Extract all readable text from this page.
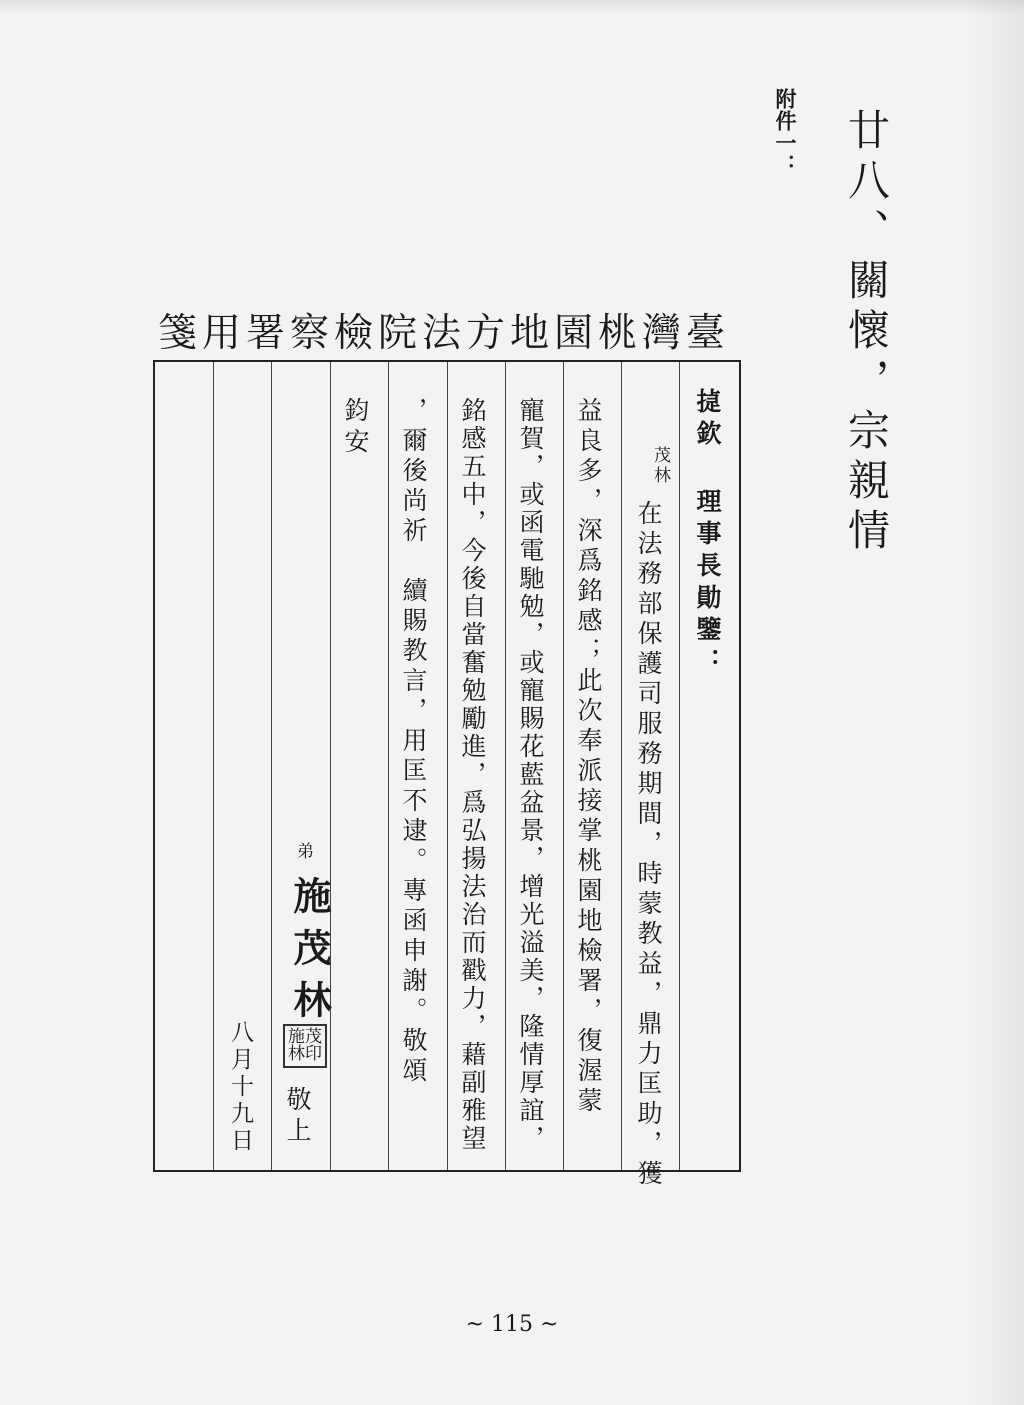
附件一： 廿八、關懷，宗親情
臺灣桃園地方法院檢察署用箋
㨗欽 理事長勛鑒：
茂林
在法務部保護司服務期間，時蒙教益，鼎力匡助，獲
益良多，深爲銘感；此次奉派接掌桃園地檢署，復渥蒙
寵賀，或函電馳勉，或寵賜花藍盆景，增光溢美，隆情厚誼，
銘感五中，今後自當奮勉勵進，爲弘揚法治而戳力，藉副雅望
，爾後尚祈　續賜教言，用匡不逮。專函申謝。敬頌
鈞安
弟
施茂林
施茂林印
敬上
八月十九日
~ 115 ~
